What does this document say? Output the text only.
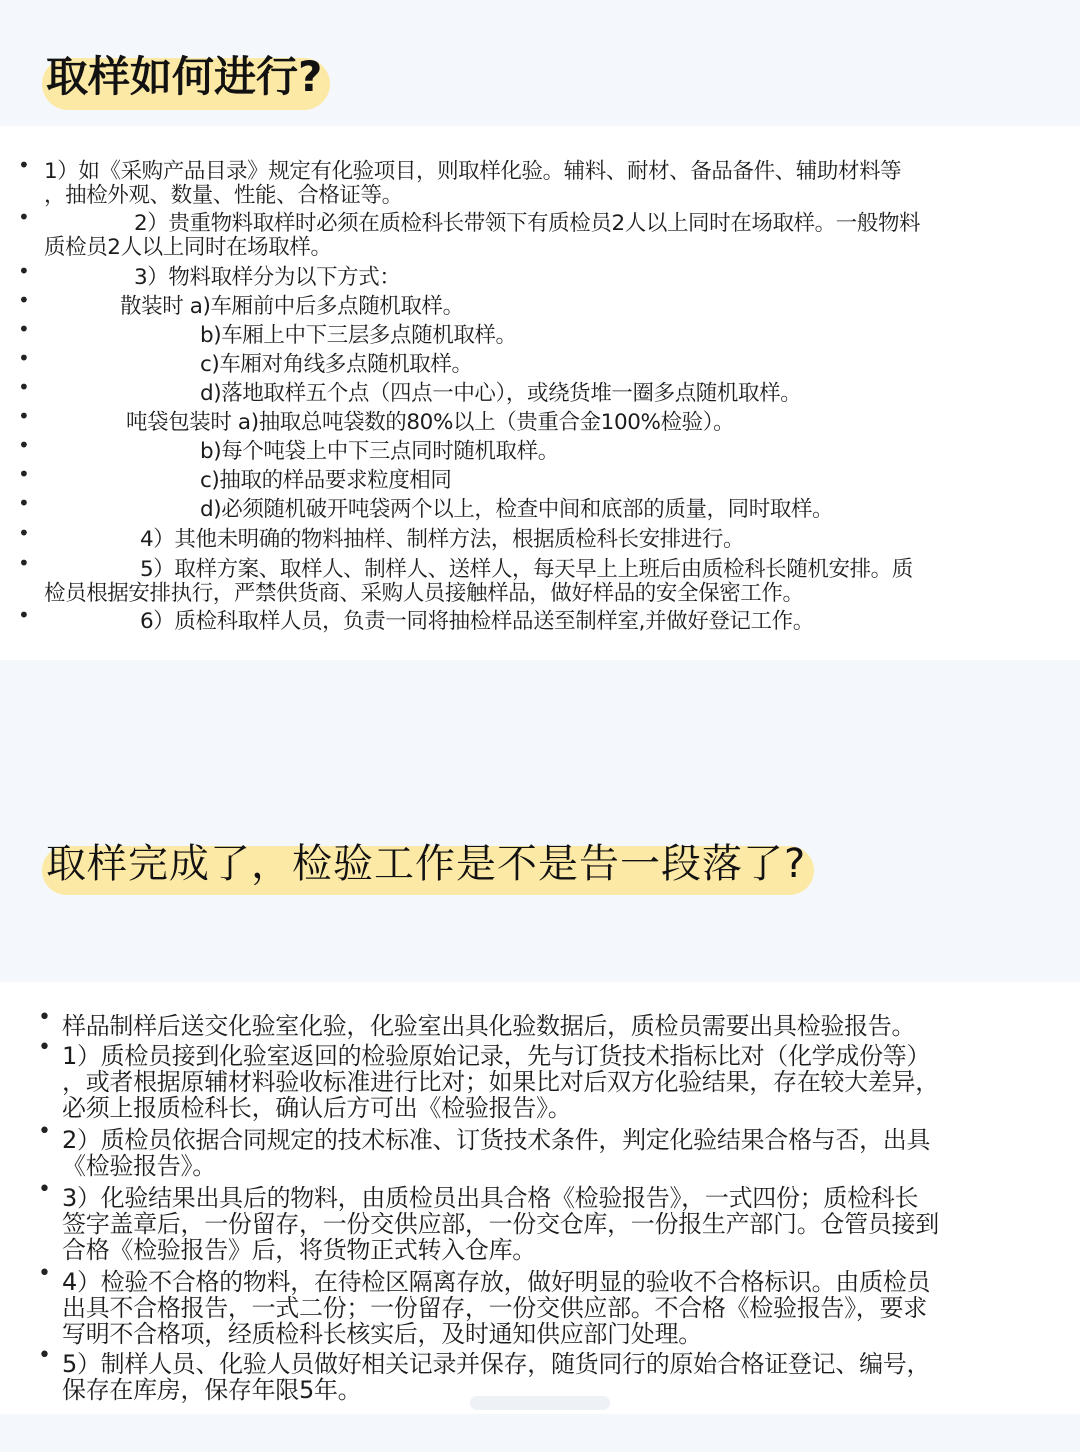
取样如何进行?
• 1）如《采购产品目录》规定有化验项目，则取样化验。辅料、耐材、备品备件、辅助材料等
，抽检外观、数量、性能、合格证等。
•	2）贵重物料取样时必须在质检科长带领下有质检员2人以上同时在场取样。一般物料
质检员2人以上同时在场取样。
•	3）物料取样分为以下方式：
•	散装时 a)车厢前中后多点随机取样。
•	b)车厢上中下三层多点随机取样。
•	c)车厢对角线多点随机取样。
•	d)落地取样五个点（四点一中心），或绕货堆一圈多点随机取样。
•	吨袋包装时 a)抽取总吨袋数的80%以上（贵重合金100%检验）。
•	b)每个吨袋上中下三点同时随机取样。
•	c)抽取的样品要求粒度相同
•	d)必须随机破开吨袋两个以上，检查中间和底部的质量，同时取样。
•	4）其他未明确的物料抽样、制样方法，根据质检科长安排进行。
•	5）取样方案、取样人、制样人、送样人，每天早上上班后由质检科长随机安排。质
检员根据安排执行，严禁供货商、采购人员接触样品，做好样品的安全保密工作。
•	6）质检科取样人员，负责一同将抽检样品送至制样室,并做好登记工作。
取样完成了，检验工作是不是告一段落了?
• 样品制样后送交化验室化验，化验室出具化验数据后，质检员需要出具检验报告。
• 1）质检员接到化验室返回的检验原始记录，先与订货技术指标比对（化学成份等）
，或者根据原辅材料验收标准进行比对；如果比对后双方化验结果，存在较大差异，
必须上报质检科长，确认后方可出《检验报告》。
• 2）质检员依据合同规定的技术标准、订货技术条件，判定化验结果合格与否，出具
《检验报告》。
• 3）化验结果出具后的物料，由质检员出具合格《检验报告》，一式四份；质检科长
签字盖章后，一份留存，一份交供应部，一份交仓库，一份报生产部门。仓管员接到
合格《检验报告》后，将货物正式转入仓库。
• 4）检验不合格的物料，在待检区隔离存放，做好明显的验收不合格标识。由质检员
出具不合格报告，一式二份；一份留存，一份交供应部。不合格《检验报告》，要求
写明不合格项，经质检科长核实后，及时通知供应部门处理。
• 5）制样人员、化验人员做好相关记录并保存，随货同行的原始合格证登记、编号，
保存在库房，保存年限5年。
